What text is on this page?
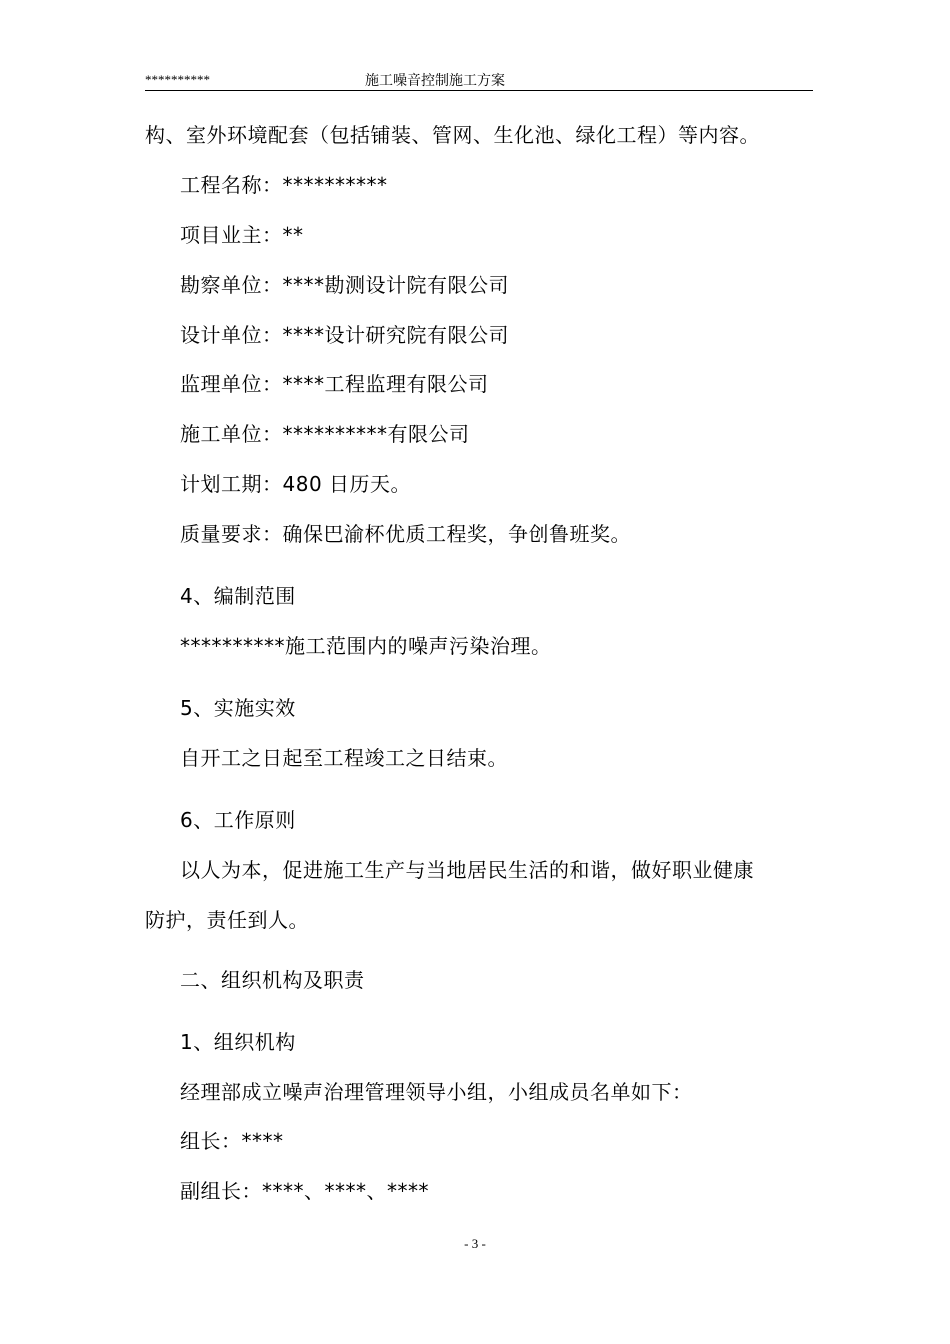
**********	施工噪音控制施工方案
构、室外环境配套（包括铺装、管网、生化池、绿化工程）等内容。
工程名称：**********
项目业主：**
勘察单位：****勘测设计院有限公司
设计单位：****设计研究院有限公司
监理单位：****工程监理有限公司
施工单位：**********有限公司
计划工期：480 日历天。
质量要求：确保巴渝杯优质工程奖，争创鲁班奖。
4、编制范围
**********施工范围内的噪声污染治理。
5、实施实效
自开工之日起至工程竣工之日结束。
6、工作原则
以人为本，促进施工生产与当地居民生活的和谐，做好职业健康
防护，责任到人。
二、组织机构及职责
1、组织机构
经理部成立噪声治理管理领导小组，小组成员名单如下：
组长：****
副组长：****、****、****
- 3 -
